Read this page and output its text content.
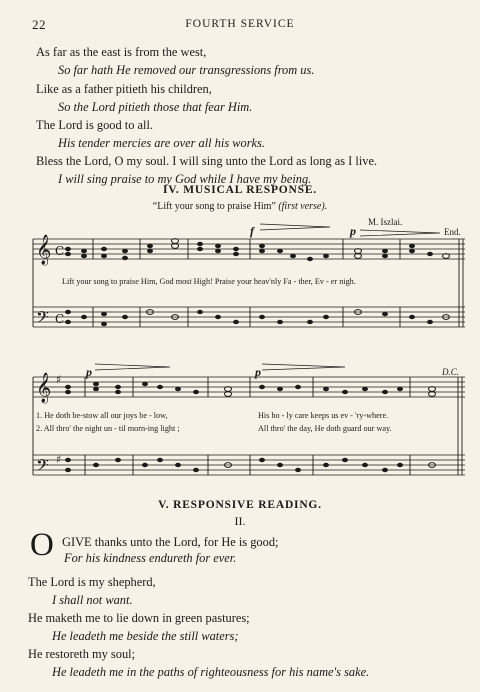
22	FOURTH SERVICE
As far as the east is from the west,
So far hath He removed our transgressions from us.
Like as a father pitieth his children,
So the Lord pitieth those that fear Him.
The Lord is good to all.
His tender mercies are over all his works.
Bless the Lord, O my soul. I will sing unto the Lord as long as I live.
I will sing praise to my God while I have my being.
IV. MUSICAL RESPONSE.
“Lift your song to praise Him” (first verse).
M. Iszlai.
End.
D.C.
f	p
p	p
𝄞
𝄢
𝄞
𝄢
C
C
♯
♯
Lift your song to praise Him, God most High! Praise your heav'nly Fa - ther, Ev - er nigh.
1. He doth be-stow all our joys be - low,	His ho - ly care keeps us ev - 'ry-where.
2. All thro' the night un - til morn-ing light ;	All thro' the day, He doth guard our way.
V. RESPONSIVE READING.
II.
O GIVE thanks unto the Lord, for He is good;
For his kindness endureth for ever.
The Lord is my shepherd,
I shall not want.
He maketh me to lie down in green pastures;
He leadeth me beside the still waters;
He restoreth my soul;
He leadeth me in the paths of righteousness for his name's sake.
